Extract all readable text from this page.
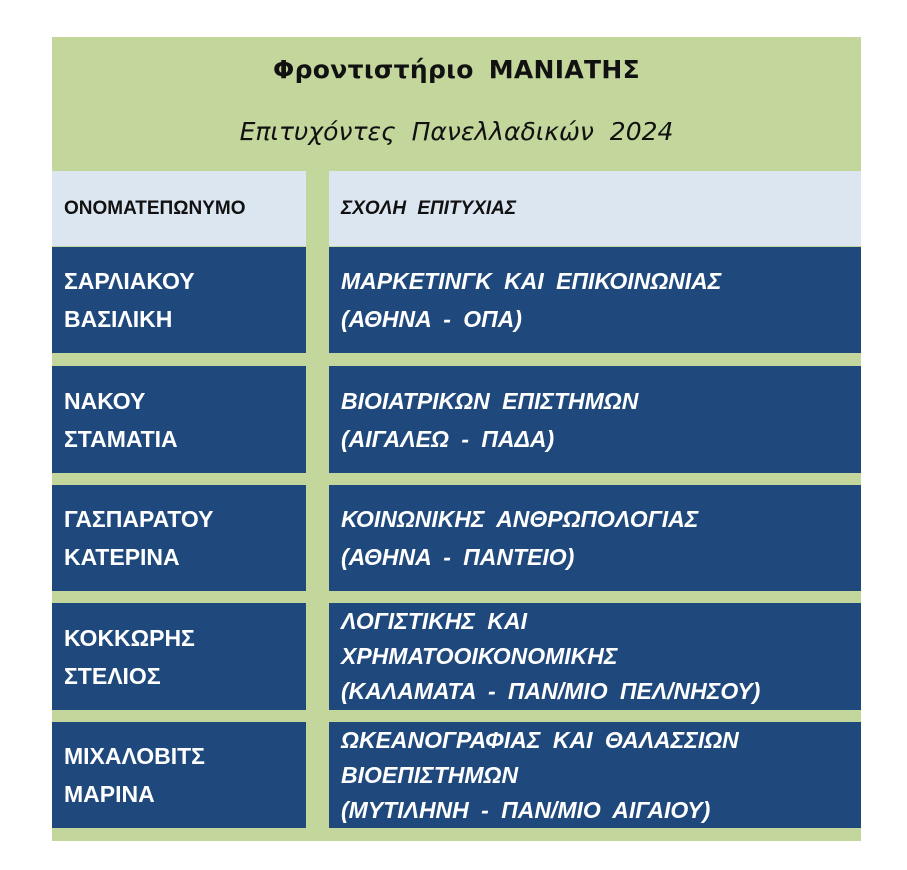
Φροντιστήριο ΜΑΝΙΑΤΗΣ
Επιτυχόντες Πανελλαδικών 2024
ΟΝΟΜΑΤΕΠΩΝΥΜΟ	ΣΧΟΛΗ ΕΠΙΤΥΧΙΑΣ
ΣΑΡΛΙΑΚΟΥ
ΒΑΣΙΛΙΚΗ
ΜΑΡΚΕΤΙΝΓΚ ΚΑΙ ΕΠΙΚΟΙΝΩΝΙΑΣ
(ΑΘΗΝΑ - ΟΠΑ)
ΝΑΚΟΥ
ΣΤΑΜΑΤΙΑ
ΒΙΟΙΑΤΡΙΚΩΝ ΕΠΙΣΤΗΜΩΝ
(ΑΙΓΑΛΕΩ - ΠΑΔΑ)
ΓΑΣΠΑΡΑΤΟΥ
ΚΑΤΕΡΙΝΑ
ΚΟΙΝΩΝΙΚΗΣ ΑΝΘΡΩΠΟΛΟΓΙΑΣ
(ΑΘΗΝΑ - ΠΑΝΤΕΙΟ)
ΚΟΚΚΩΡΗΣ
ΣΤΕΛΙΟΣ
ΛΟΓΙΣΤΙΚΗΣ ΚΑΙ
ΧΡΗΜΑΤΟΟΙΚΟΝΟΜΙΚΗΣ
(ΚΑΛΑΜΑΤΑ - ΠΑΝ/ΜΙΟ ΠΕΛ/ΝΗΣΟΥ)
ΜΙΧΑΛΟΒΙΤΣ
ΜΑΡΙΝΑ
ΩΚΕΑΝΟΓΡΑΦΙΑΣ ΚΑΙ ΘΑΛΑΣΣΙΩΝ
ΒΙΟΕΠΙΣΤΗΜΩΝ
(ΜΥΤΙΛΗΝΗ - ΠΑΝ/ΜΙΟ ΑΙΓΑΙΟΥ)
